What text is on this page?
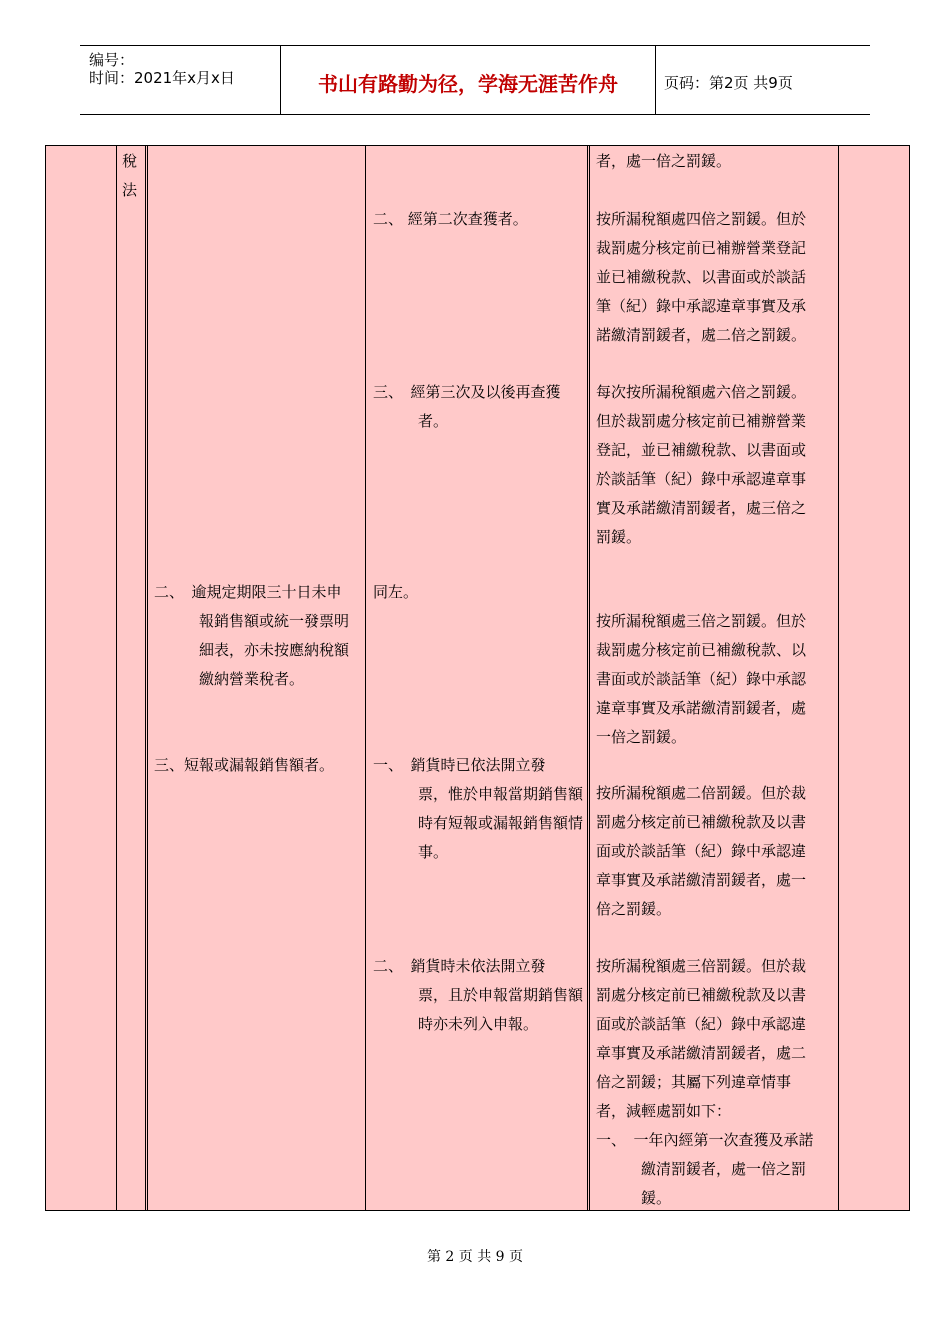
编号：
时间：2021年x月x日	书山有路勤为径，学海无涯苦作舟	页码：第2页 共9页
稅
法
二、　逾規定期限三十日未申
　　　報銷售額或統一發票明
　　　細表，亦未按應納稅額
　　　繳納營業稅者。
三、短報或漏報銷售額者。
二、 經第二次查獲者。
三、　經第三次及以後再查獲
　　　者。
同左。
一、　銷貨時已依法開立發
　　　票，惟於申報當期銷售額
　　　時有短報或漏報銷售額情
　　　事。
二、　銷貨時未依法開立發
　　　票，且於申報當期銷售額
　　　時亦未列入申報。
者，處一倍之罰鍰。
按所漏稅額處四倍之罰鍰。但於
裁罰處分核定前已補辦營業登記
並已補繳稅款、以書面或於談話
筆（紀）錄中承認違章事實及承
諾繳清罰鍰者，處二倍之罰鍰。
每次按所漏稅額處六倍之罰鍰。
但於裁罰處分核定前已補辦營業
登記，並已補繳稅款、以書面或
於談話筆（紀）錄中承認違章事
實及承諾繳清罰鍰者，處三倍之
罰鍰。
按所漏稅額處三倍之罰鍰。但於
裁罰處分核定前已補繳稅款、以
書面或於談話筆（紀）錄中承認
違章事實及承諾繳清罰鍰者，處
一倍之罰鍰。
按所漏稅額處二倍罰鍰。但於裁
罰處分核定前已補繳稅款及以書
面或於談話筆（紀）錄中承認違
章事實及承諾繳清罰鍰者，處一
倍之罰鍰。
按所漏稅額處三倍罰鍰。但於裁
罰處分核定前已補繳稅款及以書
面或於談話筆（紀）錄中承認違
章事實及承諾繳清罰鍰者，處二
倍之罰鍰；其屬下列違章情事
者，減輕處罰如下：
一、　一年內經第一次查獲及承諾
　　　繳清罰鍰者，處一倍之罰
　　　鍰。
第 2 页 共 9 页
